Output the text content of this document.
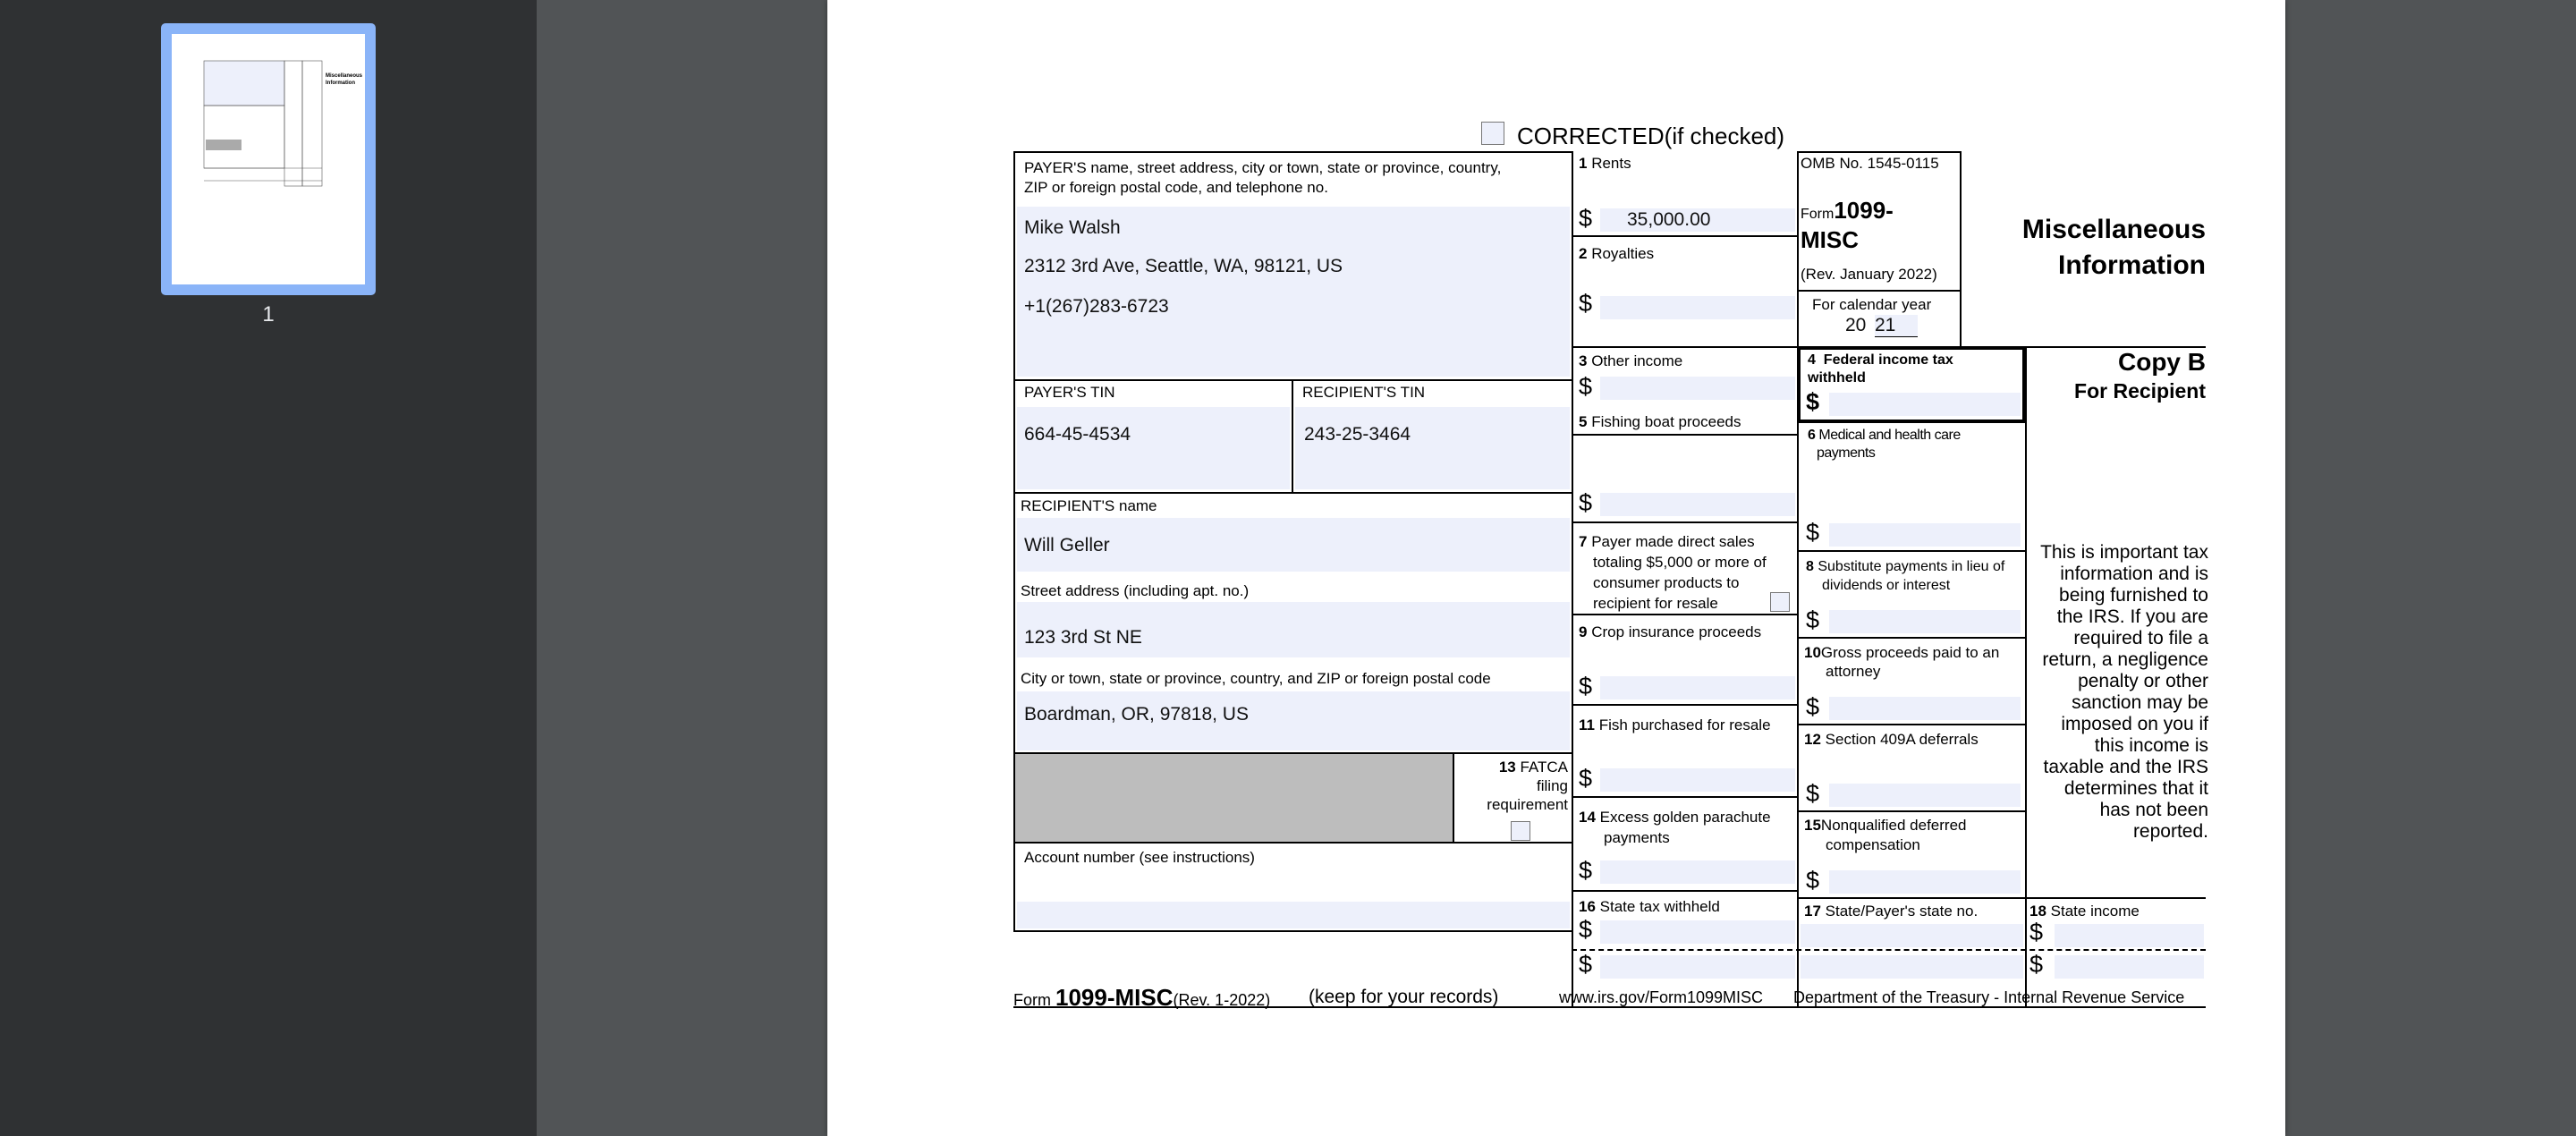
Miscellaneous
Information
1
CORRECTED(if checked)
PAYER'S name, street address, city or town, state or province, country,
ZIP or foreign postal code, and telephone no.
Mike Walsh
2312 3rd Ave, Seattle, WA, 98121, US
+1(267)283-6723
PAYER'S TIN
664-45-4534
RECIPIENT'S TIN
243-25-3464
RECIPIENT'S name
Will Geller
Street address (including apt. no.)
123 3rd St NE
City or town, state or province, country, and ZIP or foreign postal code
Boardman, OR, 97818, US
13 FATCA
filing
requirement
Account number (see instructions)
1 Rents
$ 35,000.00
2 Royalties
$
3 Other income
$
5 Fishing boat proceeds
$
7 Payer made direct sales
totaling $5,000 or more of
consumer products to
recipient for resale
9 Crop insurance proceeds
$
11 Fish purchased for resale
$
14 Excess golden parachute
payments
$
16 State tax withheld
$
$
OMB No. 1545-0115
Form1099-
MISC
(Rev. January 2022)
For calendar year
20 21
4 Federal income tax
withheld
$
6 Medical and health care
payments
$
8 Substitute payments in lieu of
dividends or interest
$
10Gross proceeds paid to an
attorney
$
12 Section 409A deferrals
$
15Nonqualified deferred
compensation
$
17 State/Payer's state no.	18 State income
$
$
Miscellaneous
Information
Copy B
For Recipient
This is important tax
information and is
being furnished to
the IRS. If you are
required to file a
return, a negligence
penalty or other
sanction may be
imposed on you if
this income is
taxable and the IRS
determines that it
has not been
reported.
Form 1099-MISC(Rev. 1-2022) (keep for your records)	www.irs.gov/Form1099MISC Department of the Treasury - Internal Revenue Service
